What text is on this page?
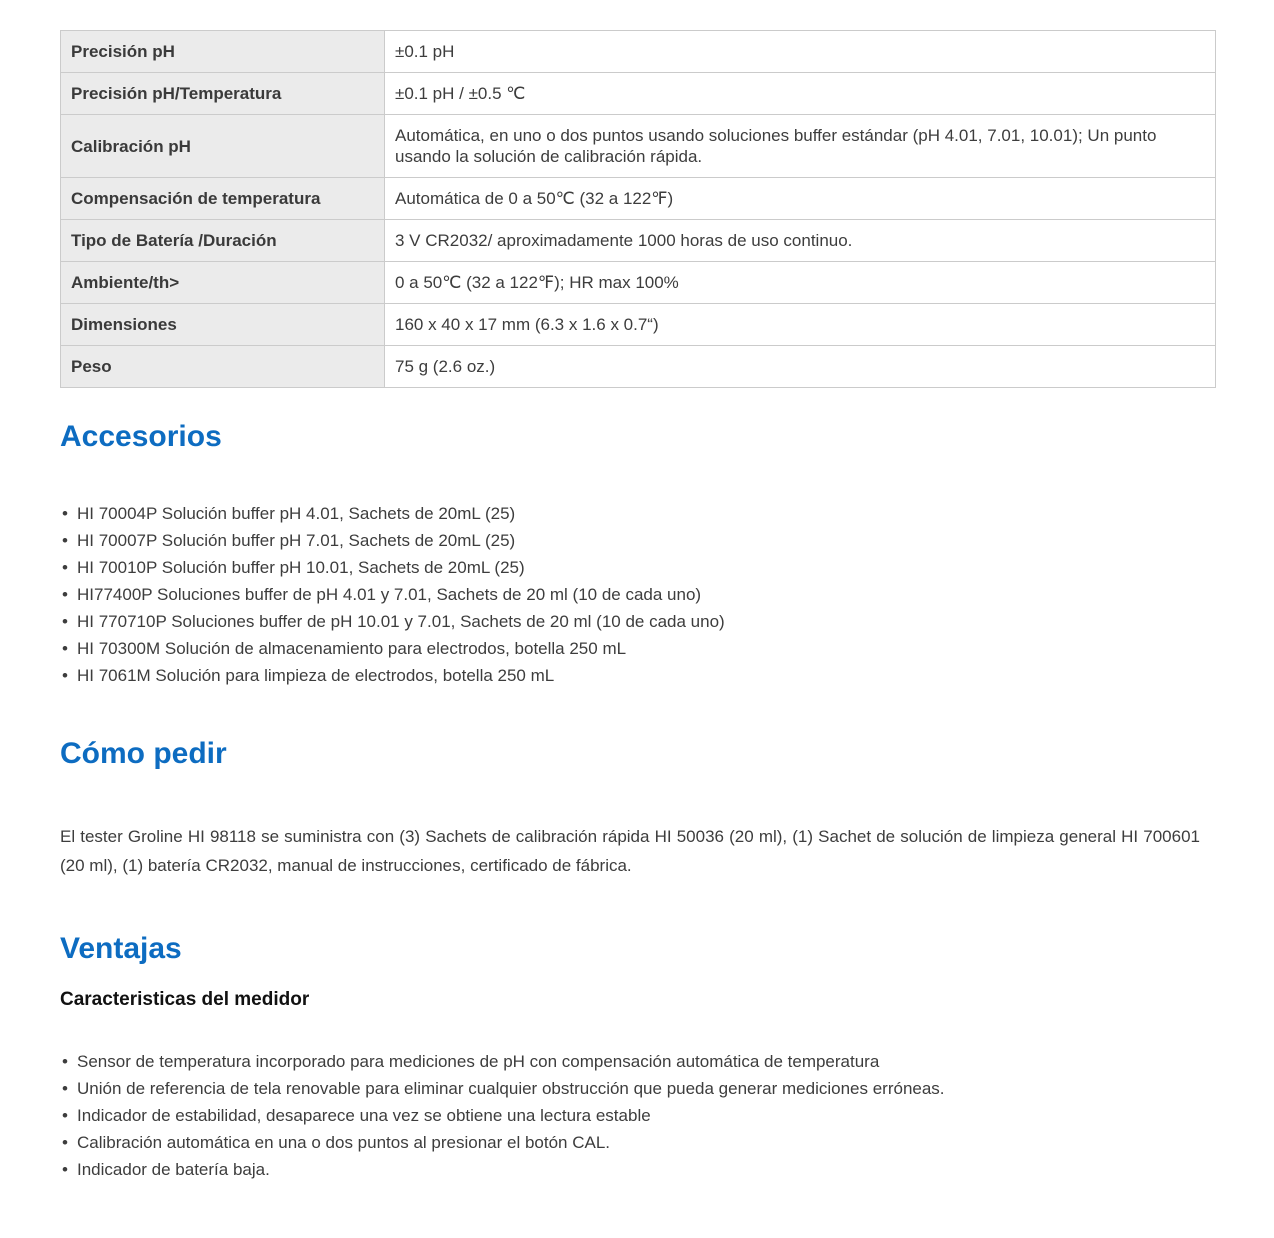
Precisión pH	±0.1 pH
Precisión pH/Temperatura	±0.1 pH / ±0.5 ℃
Calibración pH	Automática, en uno o dos puntos usando soluciones buffer estándar (pH 4.01, 7.01, 10.01); Un punto usando la solución de calibración rápida.
Compensación de temperatura	Automática de 0 a 50℃ (32 a 122℉)
Tipo de Batería /Duración	3 V CR2032/ aproximadamente 1000 horas de uso continuo.
Ambiente/th>	0 a 50℃ (32 a 122℉); HR max 100%
Dimensiones	160 x 40 x 17 mm (6.3 x 1.6 x 0.7“)
Peso	75 g (2.6 oz.)
Accesorios
• HI 70004P Solución buffer pH 4.01, Sachets de 20mL (25)
• HI 70007P Solución buffer pH 7.01, Sachets de 20mL (25)
• HI 70010P Solución buffer pH 10.01, Sachets de 20mL (25)
• HI77400P Soluciones buffer de pH 4.01 y 7.01, Sachets de 20 ml (10 de cada uno)
• HI 770710P Soluciones buffer de pH 10.01 y 7.01, Sachets de 20 ml (10 de cada uno)
• HI 70300M Solución de almacenamiento para electrodos, botella 250 mL
• HI 7061M Solución para limpieza de electrodos, botella 250 mL
Cómo pedir

El tester Groline HI 98118 se suministra con (3) Sachets de calibración rápida HI 50036 (20 ml), (1) Sachet de solución de limpieza general HI 700601 (20 ml), (1) batería CR2032, manual de instrucciones, certificado de fábrica.

Ventajas
Caracteristicas del medidor
• Sensor de temperatura incorporado para mediciones de pH con compensación automática de temperatura
• Unión de referencia de tela renovable para eliminar cualquier obstrucción que pueda generar mediciones erróneas.
• Indicador de estabilidad, desaparece una vez se obtiene una lectura estable
• Calibración automática en una o dos puntos al presionar el botón CAL.
• Indicador de batería baja.
